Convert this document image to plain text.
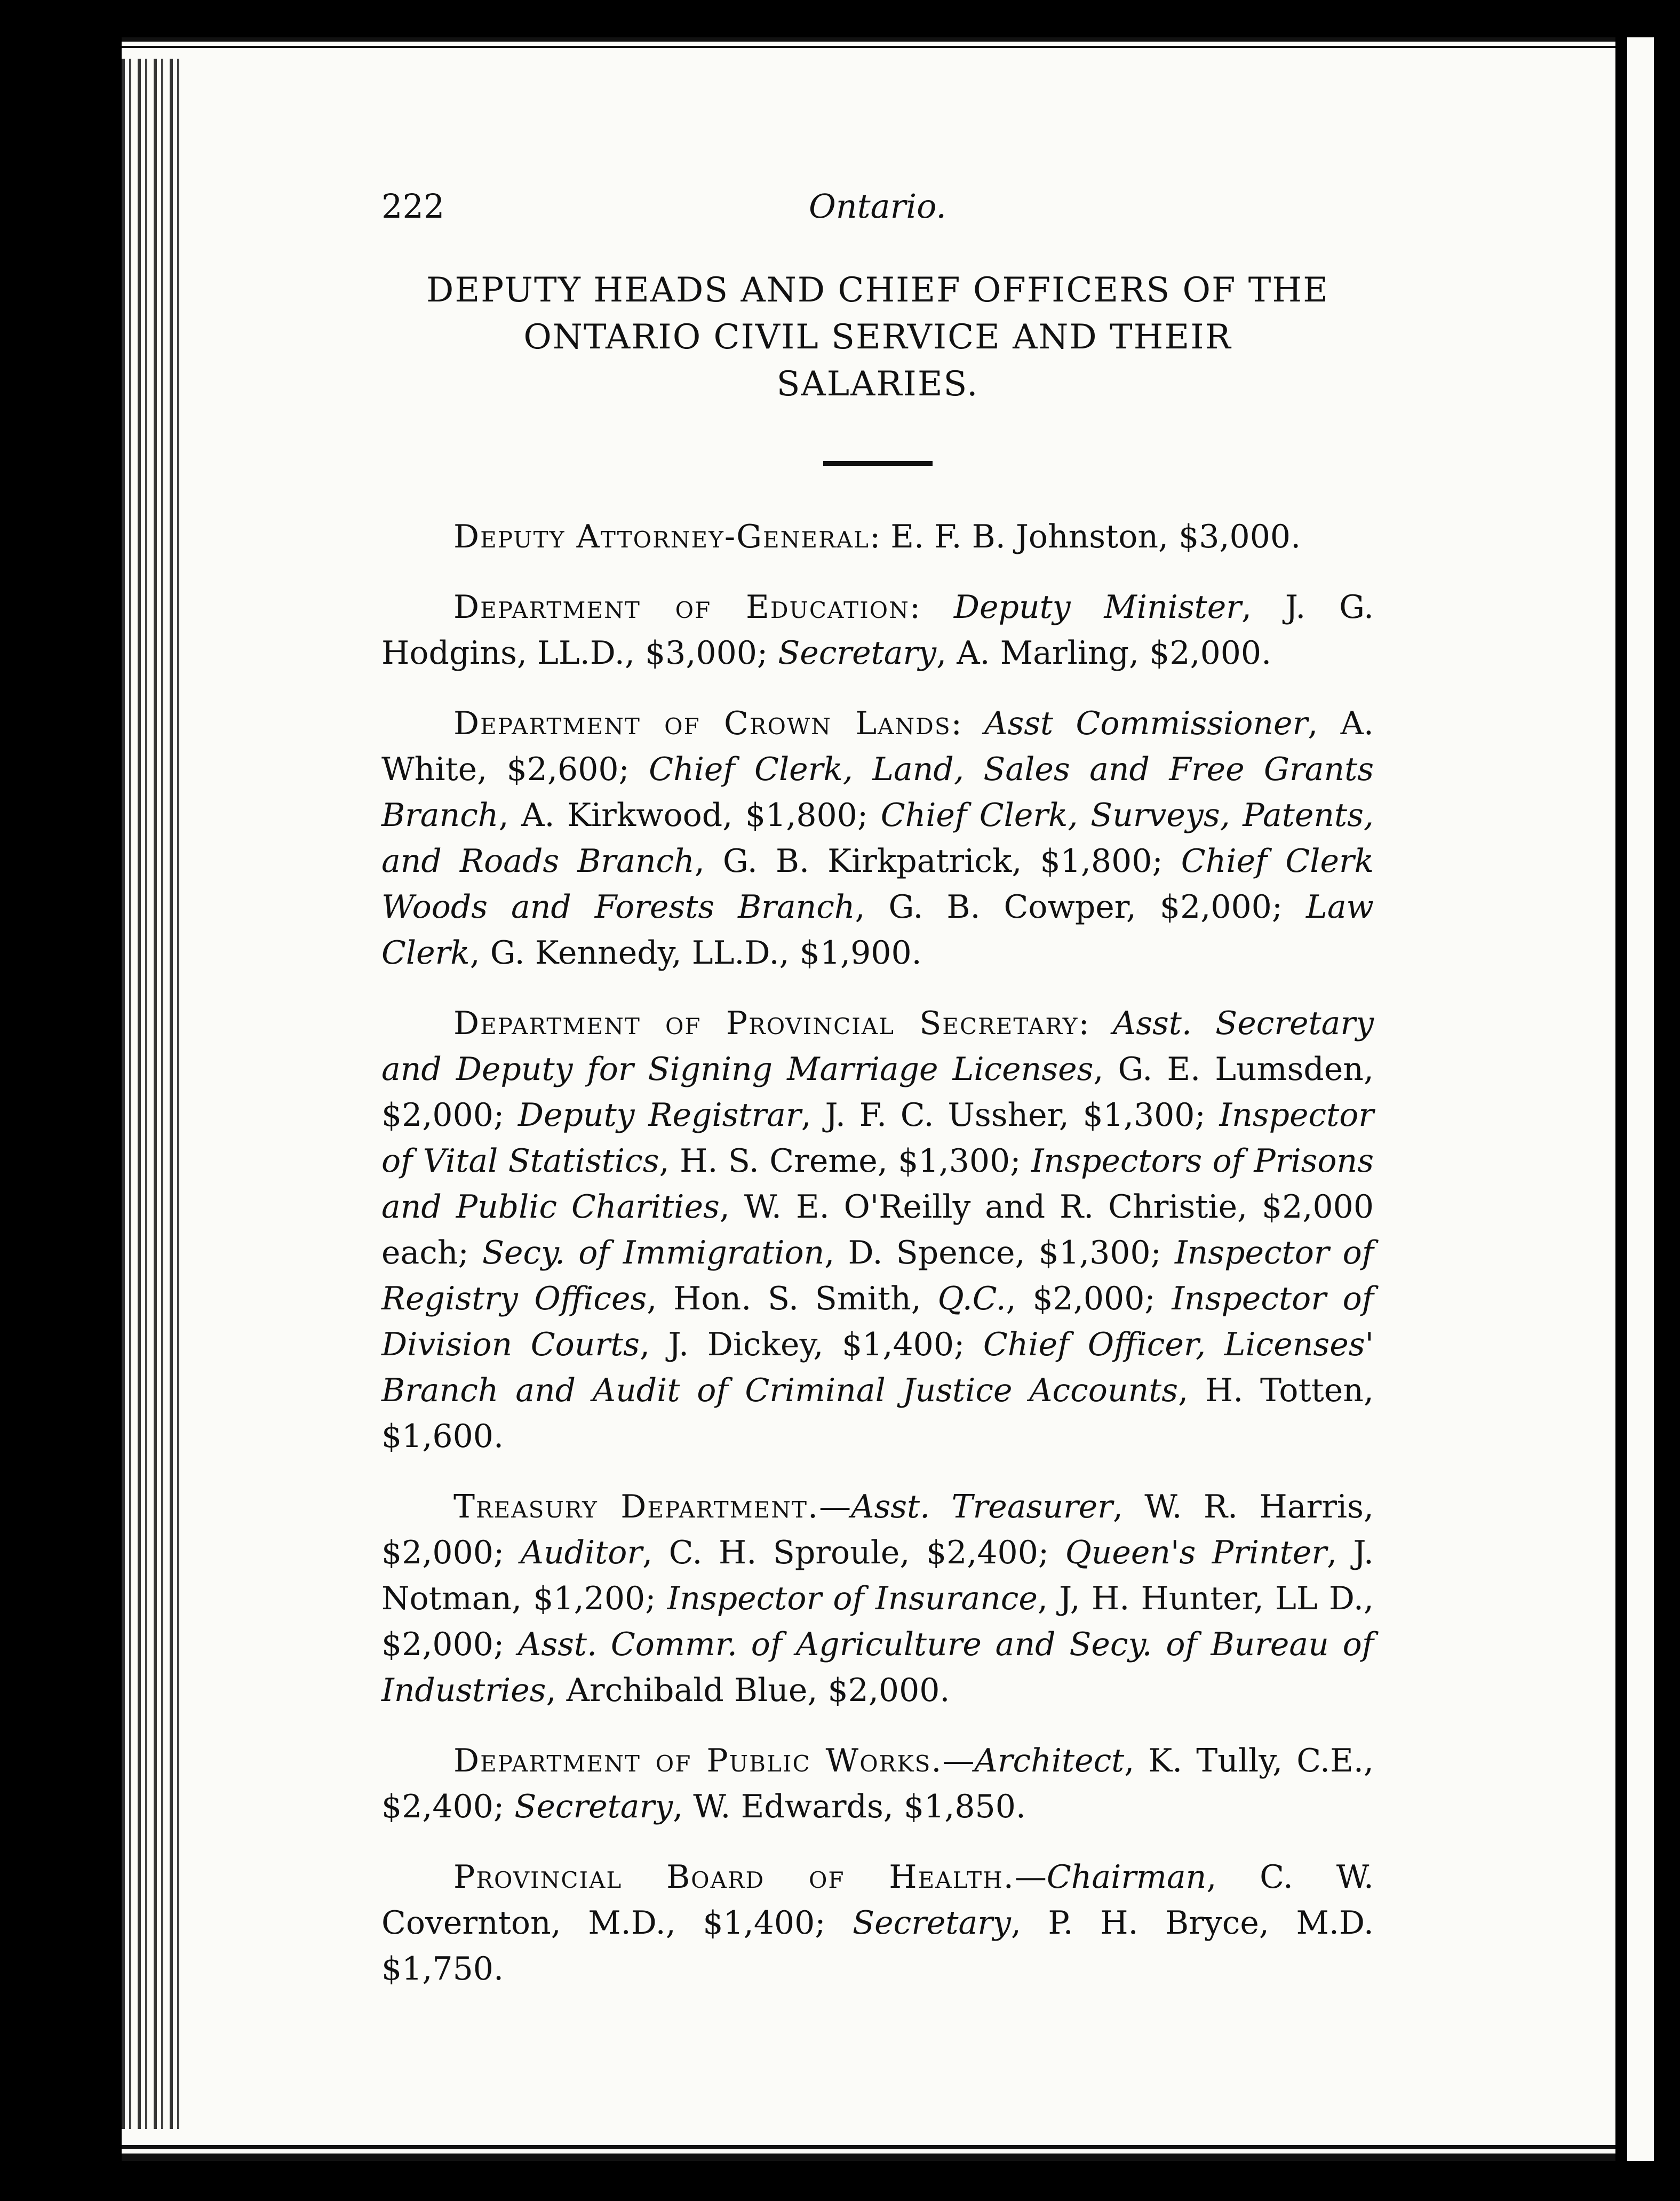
222	Ontario.
DEPUTY HEADS AND CHIEF OFFICERS OF THE
ONTARIO CIVIL SERVICE AND THEIR
SALARIES.

Deputy Attorney-General: E. F. B. Johnston, $3,000.

Department of Education: Deputy Minister, J. G. Hodgins, LL.D., $3,000; Secretary, A. Marling, $2,000.

Department of Crown Lands: Asst Commissioner, A. White, $2,600; Chief Clerk, Land, Sales and Free Grants Branch, A. Kirkwood, $1,800; Chief Clerk, Surveys, Patents, and Roads Branch, G. B. Kirkpatrick, $1,800; Chief Clerk Woods and Forests Branch, G. B. Cowper, $2,000; Law Clerk, G. Kennedy, LL.D., $1,900.

Department of Provincial Secretary: Asst. Secretary and Deputy for Signing Marriage Licenses, G. E. Lumsden, $2,000; Deputy Registrar, J. F. C. Ussher, $1,300; Inspector of Vital Statistics, H. S. Creme, $1,300; Inspectors of Prisons and Public Charities, W. E. O'Reilly and R. Christie, $2,000 each; Secy. of Immigration, D. Spence, $1,300; Inspector of Registry Offices, Hon. S. Smith, Q.C., $2,000; Inspector of Division Courts, J. Dickey, $1,400; Chief Officer, Licenses' Branch and Audit of Criminal Justice Accounts, H. Totten, $1,600.

Treasury Department.—Asst. Treasurer, W. R. Harris, $2,000; Auditor, C. H. Sproule, $2,400; Queen's Printer, J. Notman, $1,200; Inspector of Insurance, J, H. Hunter, LL D., $2,000; Asst. Commr. of Agriculture and Secy. of Bureau of Industries, Archibald Blue, $2,000.

Department of Public Works.—Architect, K. Tully, C.E., $2,400; Secretary, W. Edwards, $1,850.

Provincial Board of Health.—Chairman, C. W. Covernton, M.D., $1,400; Secretary, P. H. Bryce, M.D. $1,750.
